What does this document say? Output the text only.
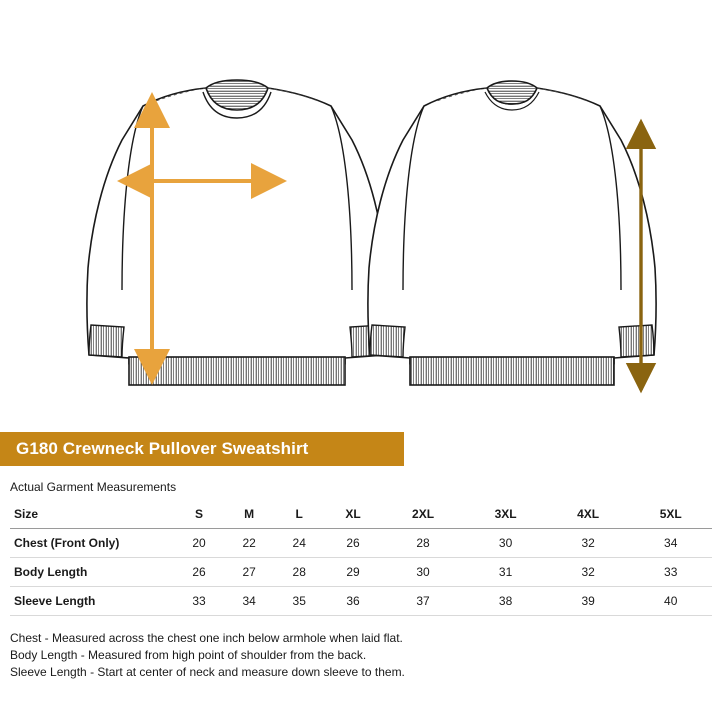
G180 Crewneck Pullover Sweatshirt
Actual Garment Measurements
Size	S	M	L	XL	2XL	3XL	4XL	5XL
Chest (Front Only)	20	22	24	26	28	30	32	34
Body Length	26	27	28	29	30	31	32	33
Sleeve Length	33	34	35	36	37	38	39	40
Chest - Measured across the chest one inch below armhole when laid flat.
Body Length - Measured from high point of shoulder from the back.
Sleeve Length - Start at center of neck and measure down sleeve to them.
